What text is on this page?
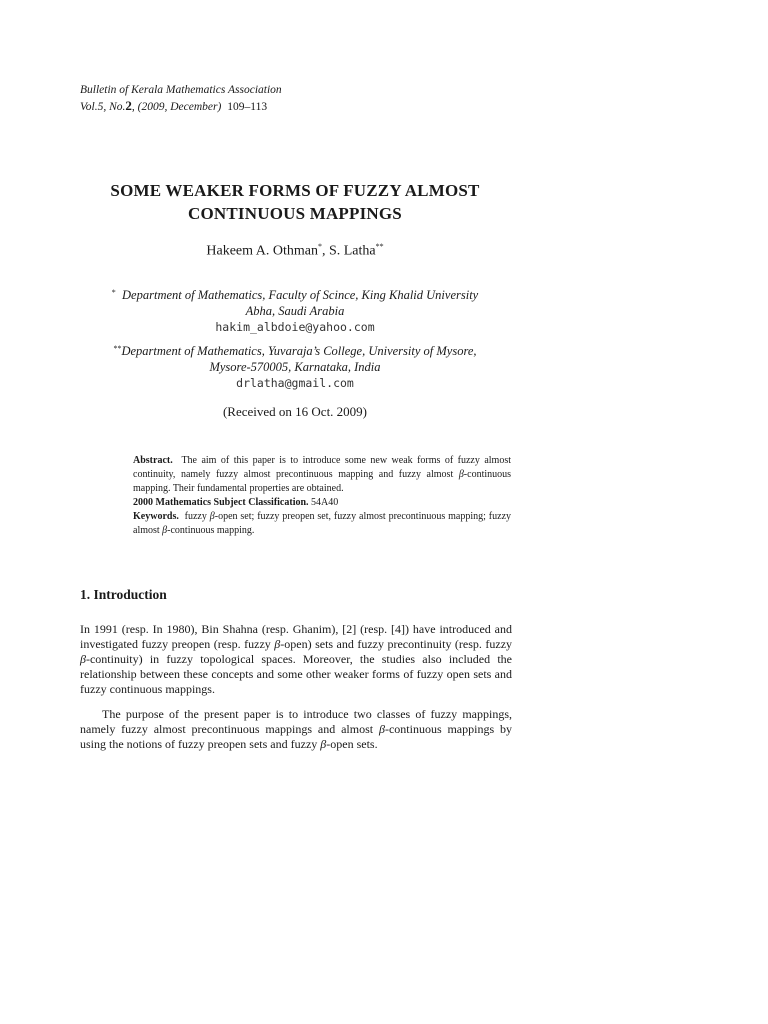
Bulletin of Kerala Mathematics Association
Vol.5, No.2, (2009, December) 109–113
SOME WEAKER FORMS OF FUZZY ALMOST
CONTINUOUS MAPPINGS
Hakeem A. Othman*, S. Latha**
* Department of Mathematics, Faculty of Scince, King Khalid University
Abha, Saudi Arabia
hakim_albdoie@yahoo.com
**Department of Mathematics, Yuvaraja’s College, University of Mysore,
Mysore-570005, Karnataka, India
drlatha@gmail.com
(Received on 16 Oct. 2009)

Abstract. The aim of this paper is to introduce some new weak forms of fuzzy almost continuity, namely fuzzy almost precontinuous mapping and fuzzy almost β-continuous mapping. Their fundamental properties are obtained.

2000 Mathematics Subject Classification. 54A40

Keywords. fuzzy β-open set; fuzzy preopen set, fuzzy almost precontinuous mapping; fuzzy almost β-continuous mapping.

1. Introduction

In 1991 (resp. In 1980), Bin Shahna (resp. Ghanim), [2] (resp. [4]) have introduced and investigated fuzzy preopen (resp. fuzzy β-open) sets and fuzzy precontinuity (resp. fuzzy β-continuity) in fuzzy topological spaces. Moreover, the studies also included the relationship between these concepts and some other weaker forms of fuzzy open sets and fuzzy continuous mappings.

The purpose of the present paper is to introduce two classes of fuzzy mappings, namely fuzzy almost precontinuous mappings and almost β-continuous mappings by using the notions of fuzzy preopen sets and fuzzy β-open sets.
